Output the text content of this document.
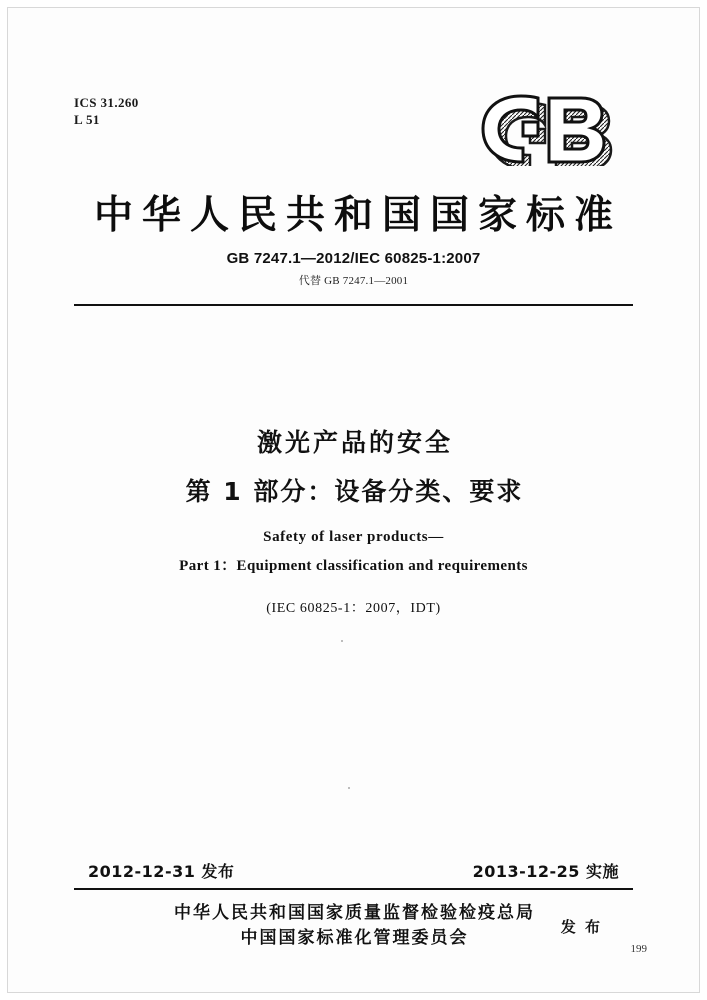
ICS 31.260
L 51
中华人民共和国国家标准
GB 7247.1—2012/IEC 60825-1:2007
代替 GB 7247.1—2001
激光产品的安全
第 1 部分：设备分类、要求
Safety of laser products—
Part 1：Equipment classification and requirements
(IEC 60825-1：2007，IDT)
2012-12-31 发布	2013-12-25 实施
中华人民共和国国家质量监督检验检疫总局
中国国家标准化管理委员会
发 布
199
